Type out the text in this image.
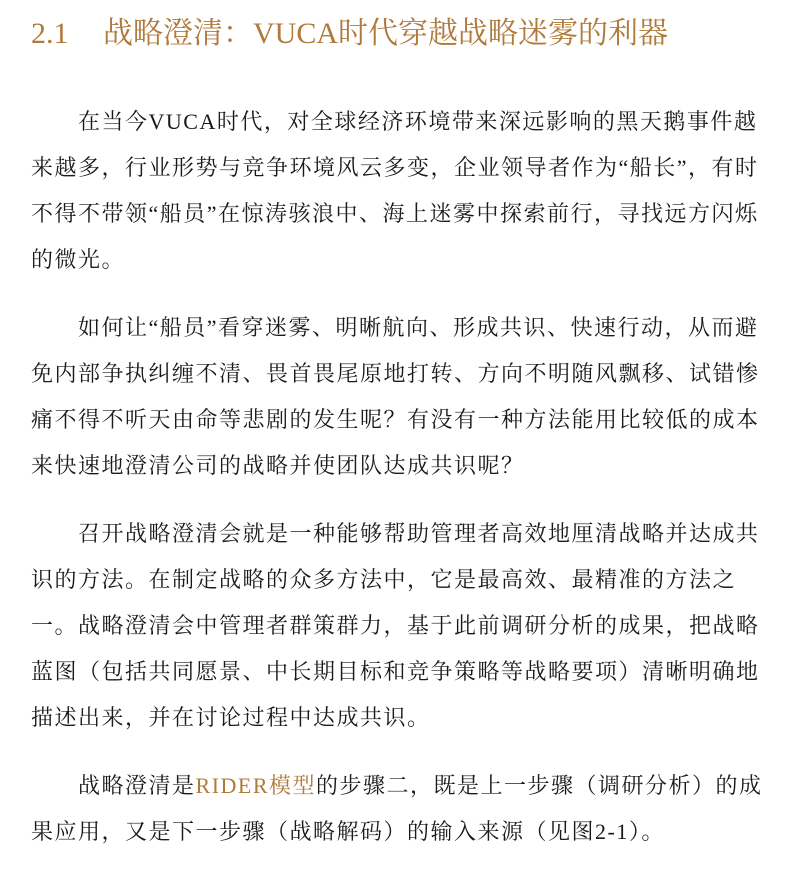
2.1 战略澄清：VUCA时代穿越战略迷雾的利器

在当今VUCA时代，对全球经济环境带来深远影响的黑天鹅事件越
来越多，行业形势与竞争环境风云多变，企业领导者作为“船长”，有时
不得不带领“船员”在惊涛骇浪中、海上迷雾中探索前行，寻找远方闪烁
的微光。

如何让“船员”看穿迷雾、明晰航向、形成共识、快速行动，从而避
免内部争执纠缠不清、畏首畏尾原地打转、方向不明随风飘移、试错惨
痛不得不听天由命等悲剧的发生呢？有没有一种方法能用比较低的成本
来快速地澄清公司的战略并使团队达成共识呢？

召开战略澄清会就是一种能够帮助管理者高效地厘清战略并达成共
识的方法。在制定战略的众多方法中，它是最高效、最精准的方法之
一。战略澄清会中管理者群策群力，基于此前调研分析的成果，把战略
蓝图（包括共同愿景、中长期目标和竞争策略等战略要项）清晰明确地
描述出来，并在讨论过程中达成共识。

战略澄清是RIDER模型的步骤二，既是上一步骤（调研分析）的成
果应用，又是下一步骤（战略解码）的输入来源（见图2-1）。
